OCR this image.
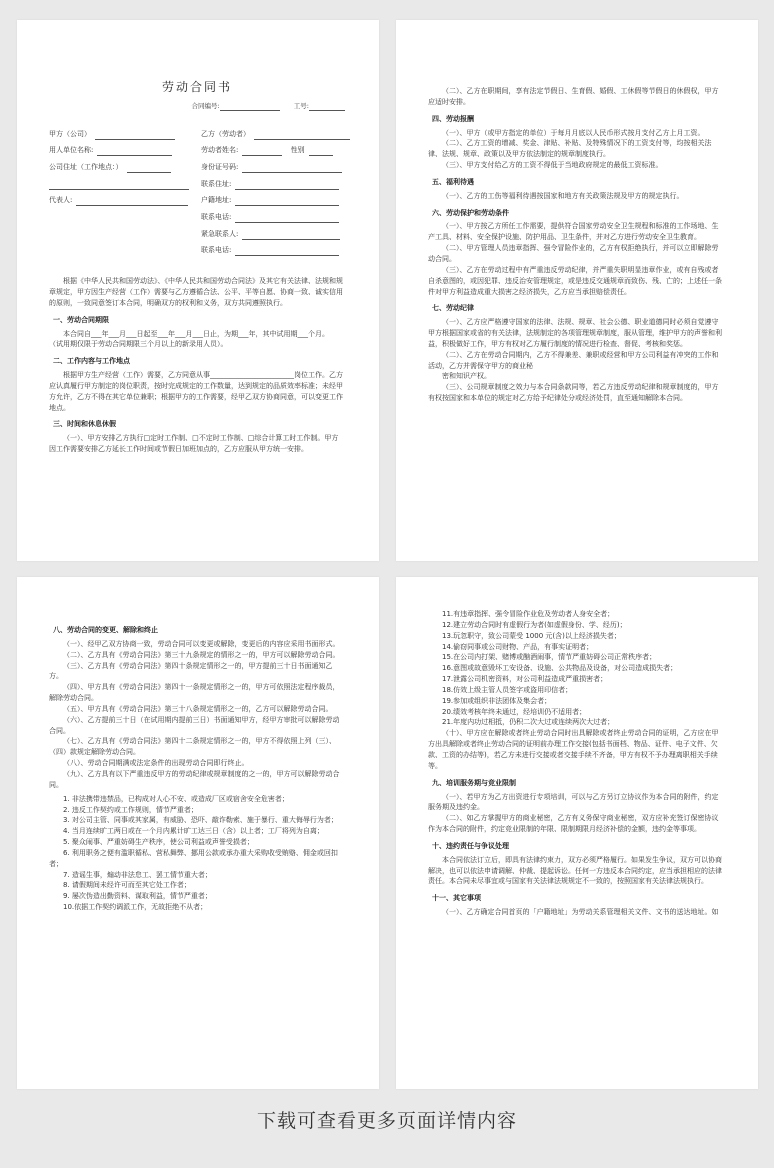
劳动合同书
合同编号:	工号:
甲方（公司）
用人单位名称:
公司住址（工作地点：）
代表人:
乙方（劳动者）
劳动者姓名:	性别
身份证号码:
联系住址:
户籍地址:
联系电话:
紧急联系人:
联系电话:
根据《中华人民共和国劳动法》、《中华人民共和国劳动合同法》及其它有关法律、法规和规章规定，甲方因生产经营（工作）需要与乙方遵循合法、公平、平等自愿、协商一致、诚实信用的原则，一致同意签订本合同，明确双方的权利和义务，双方共同遵照执行。
一、劳动合同期限
本合同自___年___月___日起至___年___月___日止，为期___年，其中试用期___个月。
（试用期仅限于劳动合同期限三个月以上的新录用人员）。
二、工作内容与工作地点
根据甲方生产经营（工作）需要，乙方同意从事________________________岗位工作。乙方应认真履行甲方制定的岗位职责，按时完成规定的工作数量，达到规定的品质效率标准；未经甲方允许，乙方不得在其它单位兼职；根据甲方的工作需要，经甲乙双方协商同意，可以变更工作地点。
三、时间和休息休假
（一）、甲方安排乙方执行□定时工作制、□不定时工作制、□综合计算工时工作制。甲方因工作需要安排乙方延长工作时间或节假日加班加点的，乙方应服从甲方统一安排。
（二）、乙方在职期间，享有法定节假日、生育假、婚假、工休假等节假日的休假权，甲方应适时安排。
四、劳动报酬
（一）、甲方（或甲方指定的单位）于每月月底以人民币形式按月支付乙方上月工资。
（二）、乙方工资的增减、奖金、津贴、补贴、及特殊情况下的工资支付等，均按相关法律、法规、规章、政策以及甲方依法制定的规章制度执行。
（三）、甲方支付给乙方的工资不得低于当地政府规定的最低工资标准。
五、福利待遇
（一）、乙方的工伤等福利待遇按国家和地方有关政策法规及甲方的规定执行。
六、劳动保护和劳动条件
（一）、甲方按乙方所任工作需要，提供符合国家劳动安全卫生规程和标准的工作场地、生产工具、材料、安全保护设施、防护用品、卫生条件，并对乙方进行劳动安全卫生教育。
（二）、甲方管理人员违章指挥、强令冒险作业的，乙方有权拒绝执行，并可以立即解除劳动合同。
（三）、乙方在劳动过程中有严重违反劳动纪律，并严重失职明显违章作业，或有自残或者自杀意图的，或因犯罪、违反治安管理规定，或是违反交通规章而致伤、残、亡的；上述任一条件对甲方利益造成重大损害之经济损失，乙方应当承担赔偿责任。
七、劳动纪律
（一）、乙方应严格遵守国家的法律、法规、规章、社会公德、职业道德同时必须自觉遵守甲方根据国家或省的有关法律，法规制定的各项管理规章制度，服从管理，维护甲方的声誉和利益，积极做好工作，甲方有权对乙方履行制度的情况进行检查、督促、考核和奖惩。
（二）、乙方在劳动合同期内，乙方不得兼差、兼职或经营和甲方公司利益有冲突的工作和活动，乙方并需保守甲方的商业秘
密和知识产权。
（三）、公司规章制度之效力与本合同条款同等，若乙方违反劳动纪律和规章制度的，甲方有权按国家和本单位的规定对乙方给予纪律处分或经济处罚，直至通知解除本合同。
八、劳动合同的变更、解除和终止
（一）、经甲乙双方协商一致，劳动合同可以变更或解除，变更后的内容应采用书面形式。
（二）、乙方具有《劳动合同法》第三十九条规定的情形之一的，甲方可以解除劳动合同。
（三）、乙方具有《劳动合同法》第四十条规定情形之一的，甲方提前三十日书面通知乙方。
（四）、甲方具有《劳动合同法》第四十一条规定情形之一的，甲方可依照法定程序裁员，解除劳动合同。
（五）、甲方具有《劳动合同法》第三十八条规定情形之一的，乙方可以解除劳动合同。
（六）、乙方提前三十日（在试用期内提前三日）书面通知甲方，经甲方审批可以解除劳动合同。
（七）、乙方具有《劳动合同法》第四十二条规定情形之一的，甲方不得依照上列（三）、（四）款规定解除劳动合同。
（八）、劳动合同期满或法定条件的出现劳动合同即行终止。
（九）、乙方具有以下严重违反甲方的劳动纪律或规章制度的之一的，甲方可以解除劳动合同。
1. 非法携带违禁品，已构成对人心不安、或造成厂区或宿舍安全危害者；
2. 违反工作契约或工作规则，情节严重者；
3. 对公司主管、同事或其家属，有威胁、恐吓、敲诈勒索、施于暴行、重大侮辱行为者；
4. 当月连续旷工两日或在一个月内累计旷工达三日（含）以上者；工厂将列为自离；
5. 聚众闹事、严重妨碍生产秩序，使公司利益或声誉受损者；
6. 利用职务之便有滥职循私、营私舞弊、挪用公款或承办重大采购收受贿赂、佣金或回扣者；
7. 造谣生事，煽动非法怠工、罢工情节重大者；
8. 请假期间未经许可而至其它处工作者；
9. 屡次伪造出勤资料、谋取利益，情节严重者；
10.依据工作契约调派工作，无故拒绝不从者；
11.有违章指挥、强令冒险作业危及劳动者人身安全者；
12.建立劳动合同时有虚假行为者(如虚假身份、学、经历)；
13.玩忽职守，致公司蒙受 1000 元(含)以上经济损失者；
14.偷窃同事或公司财物、产品，有事实证明者；
15.在公司内打架、赌博或酗酒闹事，情节严重妨碍公司正常秩序者；
16.意图或故意毁坏工安设备、设施、公共物品及设备，对公司造成损失者；
17.泄露公司机密资料，对公司利益造成严重损害者；
18.仿效上级主管人员签字或盗用印信者；
19.参加或组织非法团体及集会者；
20.绩效考核年终未通过，经培训仍不适用者；
21.年度内功过相抵，仍积二次大过或连续两次大过者；
（十）、甲方应在解除或者终止劳动合同时出具解除或者终止劳动合同的证明，乙方应在甲方出具解除或者终止劳动合同的证明前办理工作交接(包括书面档、物品、证件、电子文件、欠款、工资的办结等)，若乙方未进行交接或者交接手续不齐备，甲方有权不予办理离职相关手续等。
九、培训服务期与竞业限制
（一）、若甲方为乙方出资进行专项培训，可以与乙方另订立协议作为本合同的附件，约定服务期及违约金。
（二）、如乙方掌握甲方的商业秘密，乙方有义务保守商业秘密，双方应补充签订保密协议作为本合同的附件，约定竞业限制的年限、限制期限月经济补偿的金额，违约金等事项。
十、违约责任与争议处理
本合同依法订立后，即具有法律约束力，双方必须严格履行。如果发生争议，双方可以协商解决，也可以依法申请调解、仲裁、提起诉讼。任何一方违反本合同约定，应当承担相应的法律责任。本合同未尽事宜或与国家有关法律法规规定不一致的，按照国家有关法律法规执行。
十一、其它事项
（一）、乙方确定合同首页的「户籍地址」为劳动关系管理相关文件、文书的送达地址。如
下载可查看更多页面详情内容
